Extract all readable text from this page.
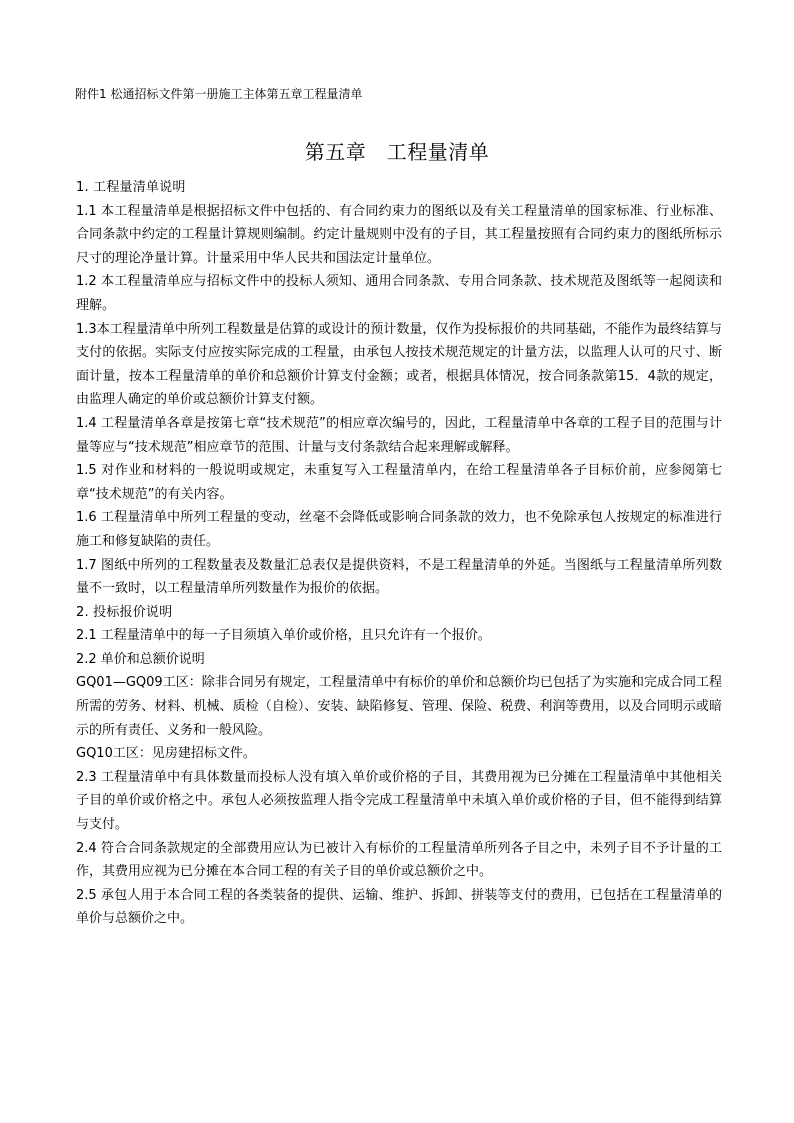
附件1 松通招标文件第一册施工主体第五章工程量清单
第五章　工程量清单

1. 工程量清单说明

1.1 本工程量清单是根据招标文件中包括的、有合同约束力的图纸以及有关工程量清单的国家标准、行业标准、合同条款中约定的工程量计算规则编制。约定计量规则中没有的子目，其工程量按照有合同约束力的图纸所标示尺寸的理论净量计算。计量采用中华人民共和国法定计量单位。

1.2 本工程量清单应与招标文件中的投标人须知、通用合同条款、专用合同条款、技术规范及图纸等一起阅读和理解。

1.3本工程量清单中所列工程数量是估算的或设计的预计数量，仅作为投标报价的共同基础，不能作为最终结算与支付的依据。实际支付应按实际完成的工程量，由承包人按技术规范规定的计量方法，以监理人认可的尺寸、断面计量，按本工程量清单的单价和总额价计算支付金额；或者，根据具体情况，按合同条款第15．4款的规定，由监理人确定的单价或总额价计算支付额。

1.4 工程量清单各章是按第七章“技术规范”的相应章次编号的，因此，工程量清单中各章的工程子目的范围与计量等应与“技术规范”相应章节的范围、计量与支付条款结合起来理解或解释。

1.5 对作业和材料的一般说明或规定，未重复写入工程量清单内，在给工程量清单各子目标价前，应参阅第七章“技术规范”的有关内容。

1.6 工程量清单中所列工程量的变动，丝毫不会降低或影响合同条款的效力，也不免除承包人按规定的标准进行施工和修复缺陷的责任。

1.7 图纸中所列的工程数量表及数量汇总表仅是提供资料，不是工程量清单的外延。当图纸与工程量清单所列数量不一致时，以工程量清单所列数量作为报价的依据。

2. 投标报价说明

2.1 工程量清单中的每一子目须填入单价或价格，且只允许有一个报价。

2.2 单价和总额价说明

GQ01—GQ09工区：除非合同另有规定，工程量清单中有标价的单价和总额价均已包括了为实施和完成合同工程所需的劳务、材料、机械、质检（自检）、安装、缺陷修复、管理、保险、税费、利润等费用，以及合同明示或暗示的所有责任、义务和一般风险。

GQ10工区：见房建招标文件。

2.3 工程量清单中有具体数量而投标人没有填入单价或价格的子目，其费用视为已分摊在工程量清单中其他相关子目的单价或价格之中。承包人必须按监理人指令完成工程量清单中未填入单价或价格的子目，但不能得到结算与支付。

2.4 符合合同条款规定的全部费用应认为已被计入有标价的工程量清单所列各子目之中，未列子目不予计量的工作，其费用应视为已分摊在本合同工程的有关子目的单价或总额价之中。

2.5 承包人用于本合同工程的各类装备的提供、运输、维护、拆卸、拼装等支付的费用，已包括在工程量清单的单价与总额价之中。
